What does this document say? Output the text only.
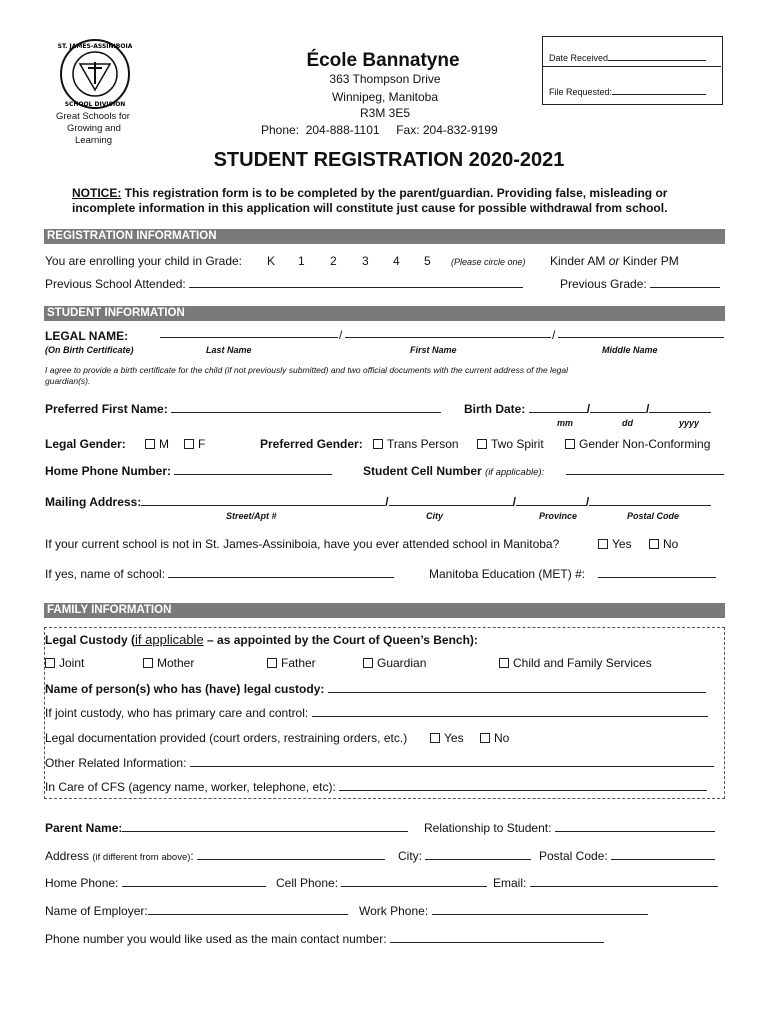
ST. JAMES-ASSINIBOIA
SCHOOL DIVISION
Great Schools for
Growing and
Learning
École Bannatyne
363 Thompson Drive
Winnipeg, Manitoba
R3M 3E5
Phone:  204-888-1101     Fax: 204-832-9199
Date Received
File Requested:
STUDENT REGISTRATION 2020-2021
NOTICE: This registration form is to be completed by the parent/guardian. Providing false, misleading or
incomplete information in this application will constitute just cause for possible withdrawal from school.
REGISTRATION INFORMATION
You are enrolling your child in Grade: K 1 2 3 4 5 (Please circle one) Kinder AM or Kinder PM
Previous School Attended:	Previous Grade:
STUDENT INFORMATION
LEGAL NAME:	/	/
(On Birth Certificate)	Last Name	First Name	Middle Name
I agree to provide a birth certificate for the child (if not previously submitted) and two official documents with the current address of the legal
guardian(s).
Preferred First Name:	Birth Date:	/	/
mm	dd	yyyy
Legal Gender:	M	F	Preferred Gender:	Trans Person	Two Spirit	Gender Non-Conforming
Home Phone Number:	Student Cell Number (if applicable):
Mailing Address:	/	/	/
Street/Apt #	City	Province	Postal Code
If your current school is not in St. James-Assiniboia, have you ever attended school in Manitoba?	Yes	No
If yes, name of school:	Manitoba Education (MET) #:
FAMILY INFORMATION
Legal Custody (if applicable – as appointed by the Court of Queen’s Bench):
Joint	Mother	Father	Guardian	Child and Family Services
Name of person(s) who has (have) legal custody:
If joint custody, who has primary care and control:
Legal documentation provided (court orders, restraining orders, etc.)	Yes	No
Other Related Information:
In Care of CFS (agency name, worker, telephone, etc):
Parent Name:	Relationship to Student:
Address (if different from above):	City:	Postal Code:
Home Phone:	Cell Phone:	Email:
Name of Employer:	Work Phone:
Phone number you would like used as the main contact number:
